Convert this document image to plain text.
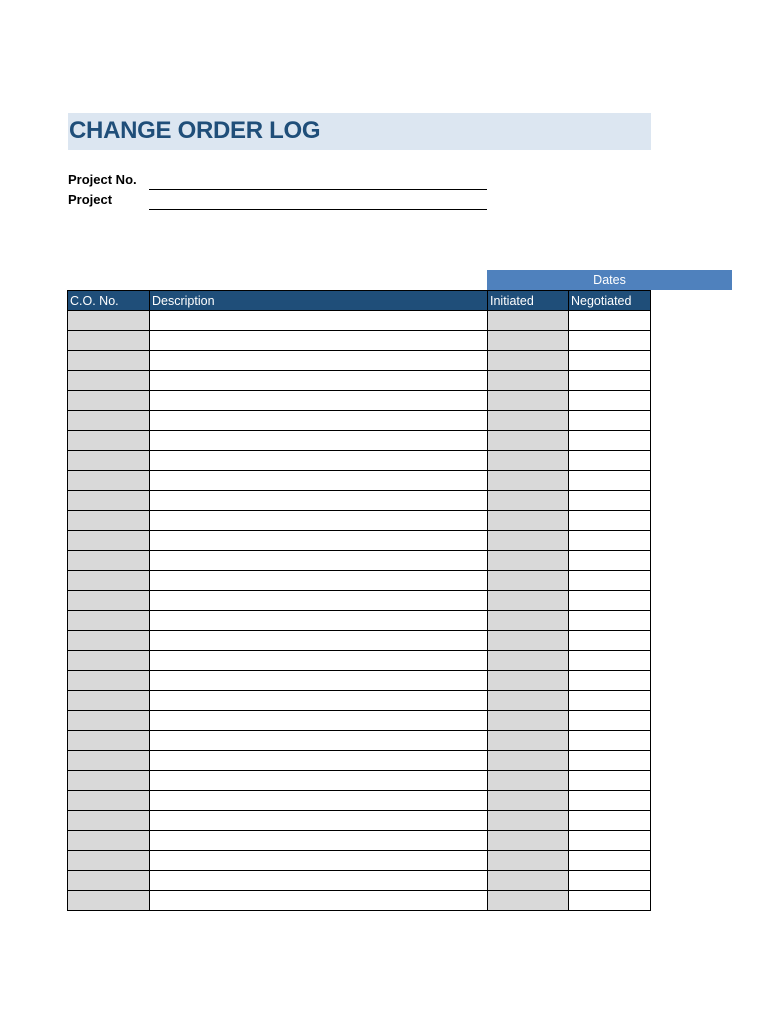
CHANGE ORDER LOG
Project No.
Project
Dates
C.O. No.	Description	Initiated	Negotiated
